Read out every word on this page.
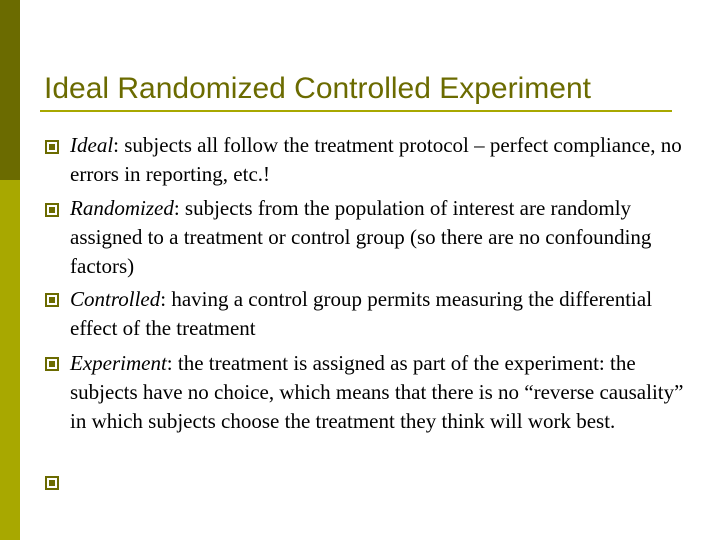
Ideal Randomized Controlled Experiment
Ideal: subjects all follow the treatment protocol – perfect compliance, no errors in reporting, etc.!
Randomized: subjects from the population of interest are randomly assigned to a treatment or control group (so there are no confounding factors)
Controlled: having a control group permits measuring the differential effect of the treatment
Experiment: the treatment is assigned as part of the experiment: the subjects have no choice, which means that there is no “reverse causality” in which subjects choose the treatment they think will work best.
